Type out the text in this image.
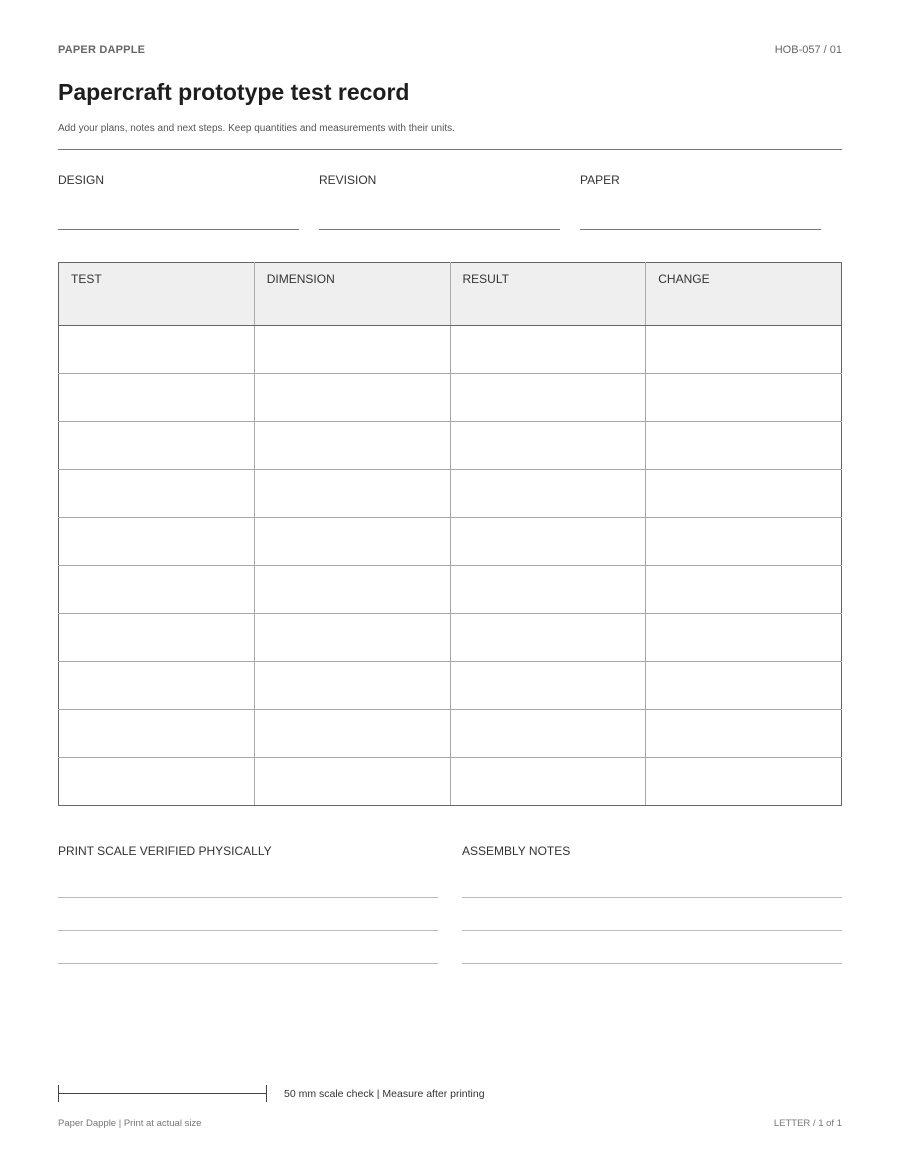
PAPER DAPPLE	HOB-057 / 01
Papercraft prototype test record

Add your plans, notes and next steps. Keep quantities and measurements with their units.

DESIGN	REVISION	PAPER
TEST	DIMENSION	RESULT	CHANGE

PRINT SCALE VERIFIED PHYSICALLY	ASSEMBLY NOTES
50 mm scale check | Measure after printing
Paper Dapple | Print at actual size	LETTER / 1 of 1
